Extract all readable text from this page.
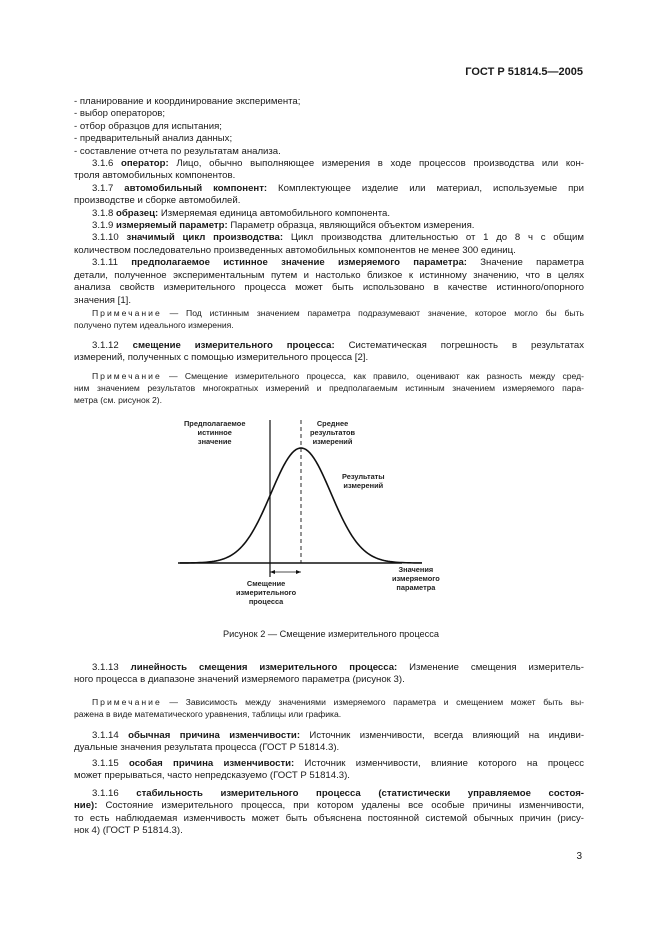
ГОСТ Р 51814.5—2005
- планирование и координирование эксперимента;
- выбор операторов;
- отбор образцов для испытания;
- предварительный анализ данных;
- составление отчета по результатам анализа.
3.1.6 оператор: Лицо, обычно выполняющее измерения в ходе процессов производства или кон-
троля автомобильных компонентов.
3.1.7 автомобильный компонент: Комплектующее изделие или материал, используемые при
производстве и сборке автомобилей.
3.1.8 образец: Измеряемая единица автомобильного компонента.
3.1.9 измеряемый параметр: Параметр образца, являющийся объектом измерения.
3.1.10 значимый цикл производства: Цикл производства длительностью от 1 до 8 ч с общим
количеством последовательно произведенных автомобильных компонентов не менее 300 единиц.
3.1.11 предполагаемое истинное значение измеряемого параметра: Значение параметра
детали, полученное экспериментальным путем и настолько близкое к истинному значению, что в целях
анализа свойств измерительного процесса может быть использовано в качестве истинного/опорного
значения [1].
Примечание — Под истинным значением параметра подразумевают значение, которое могло бы быть
получено путем идеального измерения.
3.1.12 смещение измерительного процесса: Систематическая погрешность в результатах
измерений, полученных с помощью измерительного процесса [2].
Примечание — Смещение измерительного процесса, как правило, оценивают как разность между сред-
ним значением результатов многократных измерений и предполагаемым истинным значением измеряемого пара-
метра (см. рисунок 2).
Предполагаемое
истинное
значение
Среднее
результатов
измерений
Результаты
измерений
Смещение
измерительного
процесса
Значения
измеряемого
параметра
Рисунок 2 — Смещение измерительного процесса
3.1.13 линейность смещения измерительного процесса: Изменение смещения измеритель-
ного процесса в диапазоне значений измеряемого параметра (рисунок 3).
Примечание — Зависимость между значениями измеряемого параметра и смещением может быть вы-
ражена в виде математического уравнения, таблицы или графика.
3.1.14 обычная причина изменчивости: Источник изменчивости, всегда влияющий на индиви-
дуальные значения результата процесса (ГОСТ Р 51814.3).
3.1.15 особая причина изменчивости: Источник изменчивости, влияние которого на процесс
может прерываться, часто непредсказуемо (ГОСТ Р 51814.3).
3.1.16 стабильность измерительного процесса (статистически управляемое состоя-
ние): Состояние измерительного процесса, при котором удалены все особые причины изменчивости,
то есть наблюдаемая изменчивость может быть объяснена постоянной системой обычных причин (рису-
нок 4) (ГОСТ Р 51814.3).
3
